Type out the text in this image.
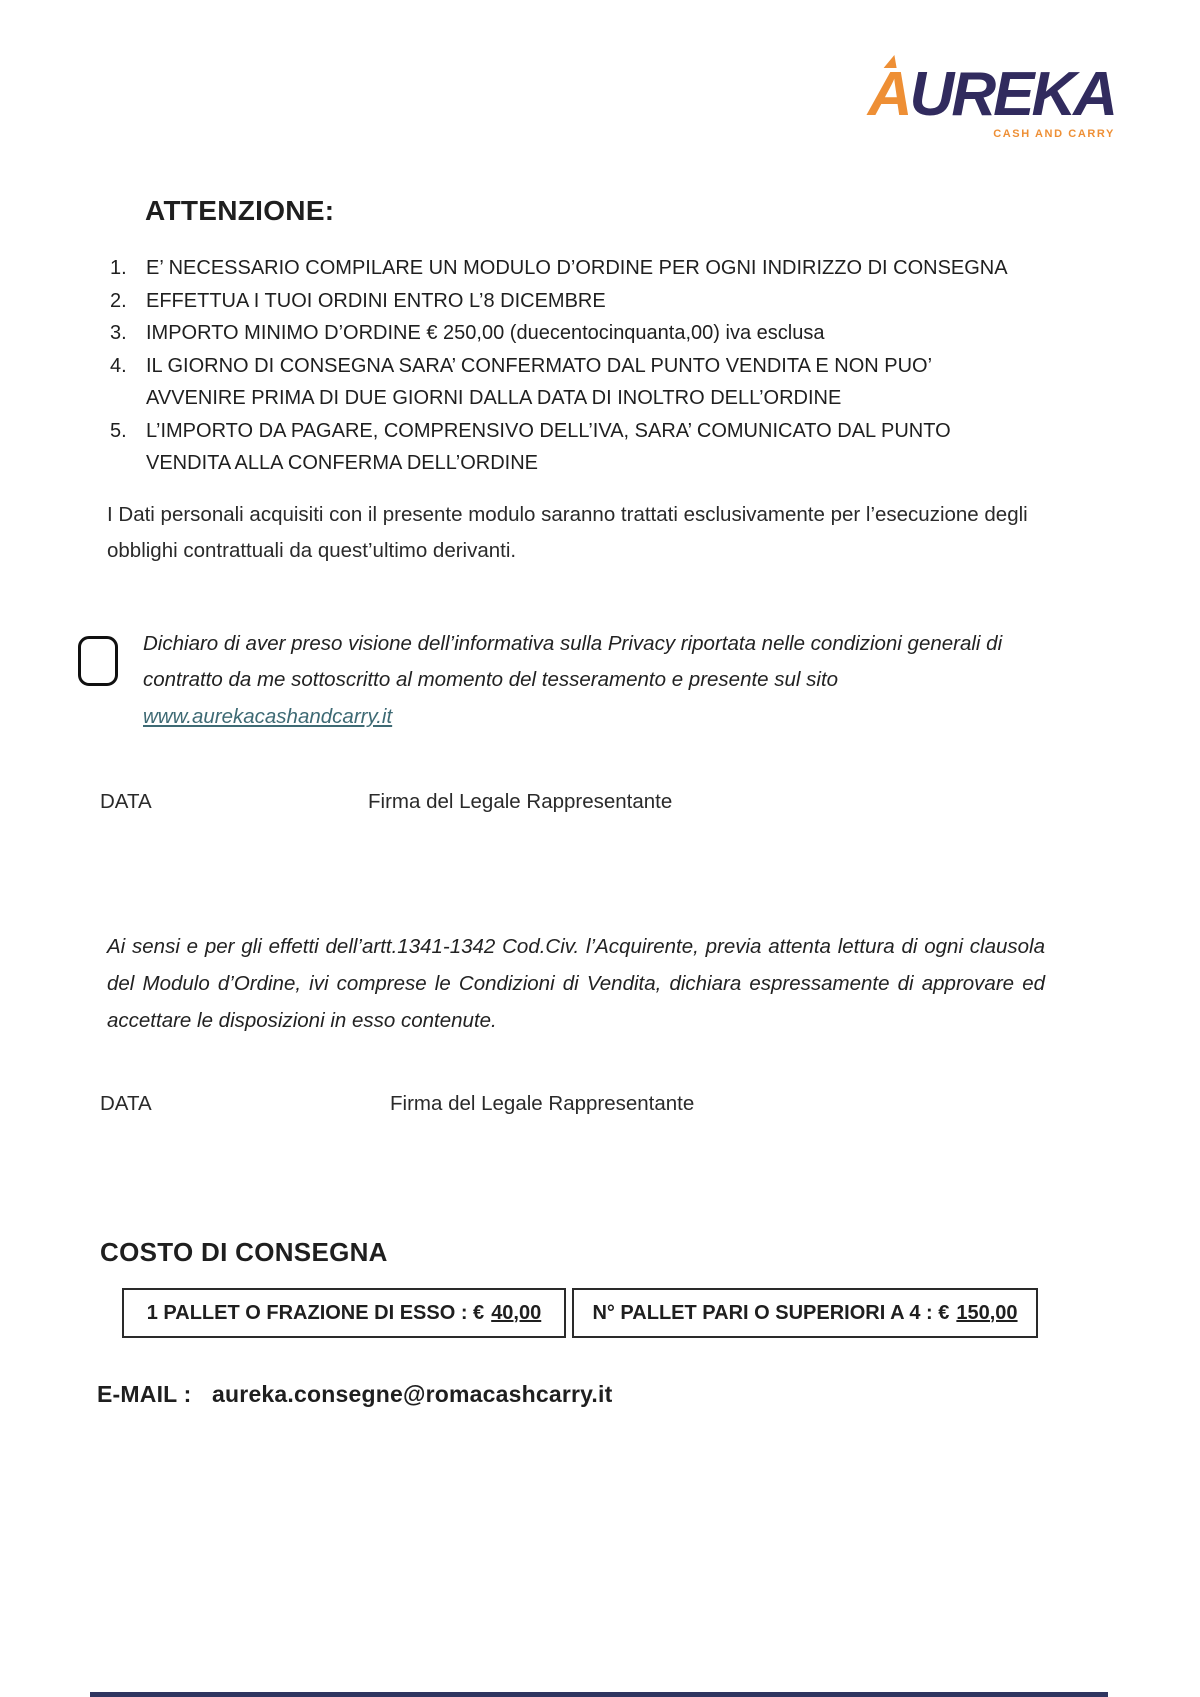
AUREKA
CASH AND CARRY
ATTENZIONE:
1. E’ NECESSARIO COMPILARE UN MODULO D’ORDINE PER OGNI INDIRIZZO DI CONSEGNA
2. EFFETTUA I TUOI ORDINI ENTRO L’8 DICEMBRE
3. IMPORTO MINIMO D’ORDINE € 250,00 (duecentocinquanta,00) iva esclusa
4. IL GIORNO DI CONSEGNA SARA’ CONFERMATO DAL PUNTO VENDITA E NON PUO’ AVVENIRE PRIMA DI DUE GIORNI DALLA DATA DI INOLTRO DELL’ORDINE
5. L’IMPORTO DA PAGARE, COMPRENSIVO DELL’IVA, SARA’ COMUNICATO DAL PUNTO VENDITA ALLA CONFERMA DELL’ORDINE
I Dati personali acquisiti con il presente modulo saranno trattati esclusivamente per l’esecuzione degli obblighi contrattuali da quest’ultimo derivanti.
Dichiaro di aver preso visione dell’informativa sulla Privacy riportata nelle condizioni generali di contratto da me sottoscritto al momento del tesseramento e presente sul sito
www.aurekacashandcarry.it
DATA	Firma del Legale Rappresentante
Ai sensi e per gli effetti dell’artt.1341-1342 Cod.Civ. l’Acquirente, previa attenta lettura di ogni clausola del Modulo d’Ordine, ivi comprese le Condizioni di Vendita, dichiara espressamente di approvare ed accettare le disposizioni in esso contenute.
DATA	Firma del Legale Rappresentante
COSTO DI CONSEGNA
1 PALLET O FRAZIONE DI ESSO : € 40,00	N° PALLET PARI O SUPERIORI A 4 : € 150,00
E-MAIL : aureka.consegne@romacashcarry.it
